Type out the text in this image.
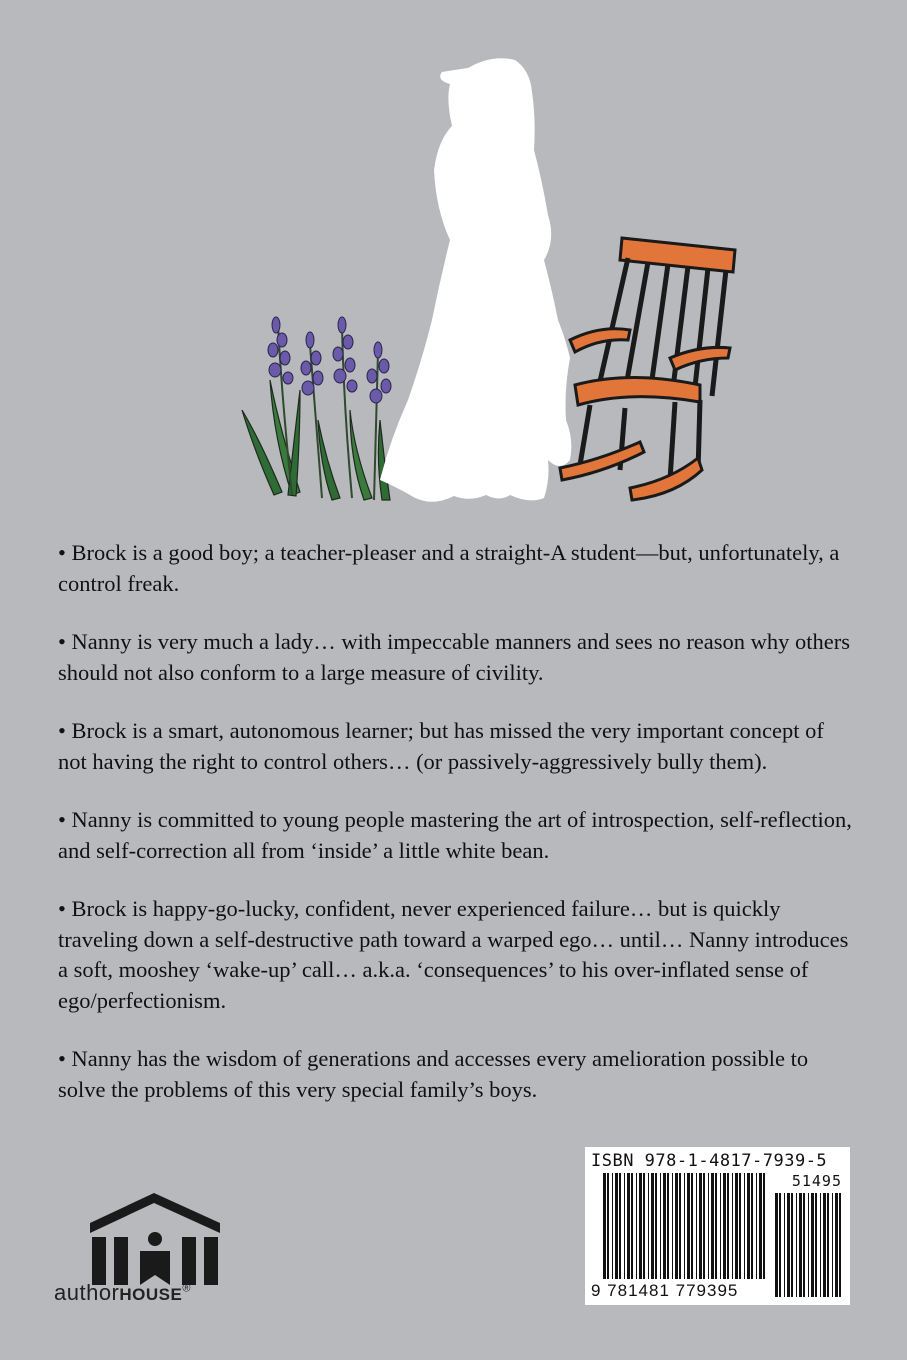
• Brock is a good boy; a teacher-pleaser and a straight-A student—but, unfortunately, a control freak.

• Nanny is very much a lady… with impeccable manners and sees no reason why others should not also conform to a large measure of civility.

• Brock is a smart, autonomous learner; but has missed the very important concept of not having the right to control others… (or passively-aggressively bully them).

• Nanny is committed to young people mastering the art of introspection, self-reflection, and self-correction all from ‘inside’ a little white bean.

• Brock is happy-go-lucky, confident, never experienced failure… but is quickly traveling down a self-destructive path toward a warped ego… until… Nanny introduces a soft, mooshey ‘wake-up’ call… a.k.a. ‘consequences’ to his over-inflated sense of ego/perfectionism.

• Nanny has the wisdom of generations and accesses every amelioration possible to solve the problems of this very special family’s boys.

authorHOUSE®
ISBN 978-1-4817-7939-5
51495
9 781481 779395
